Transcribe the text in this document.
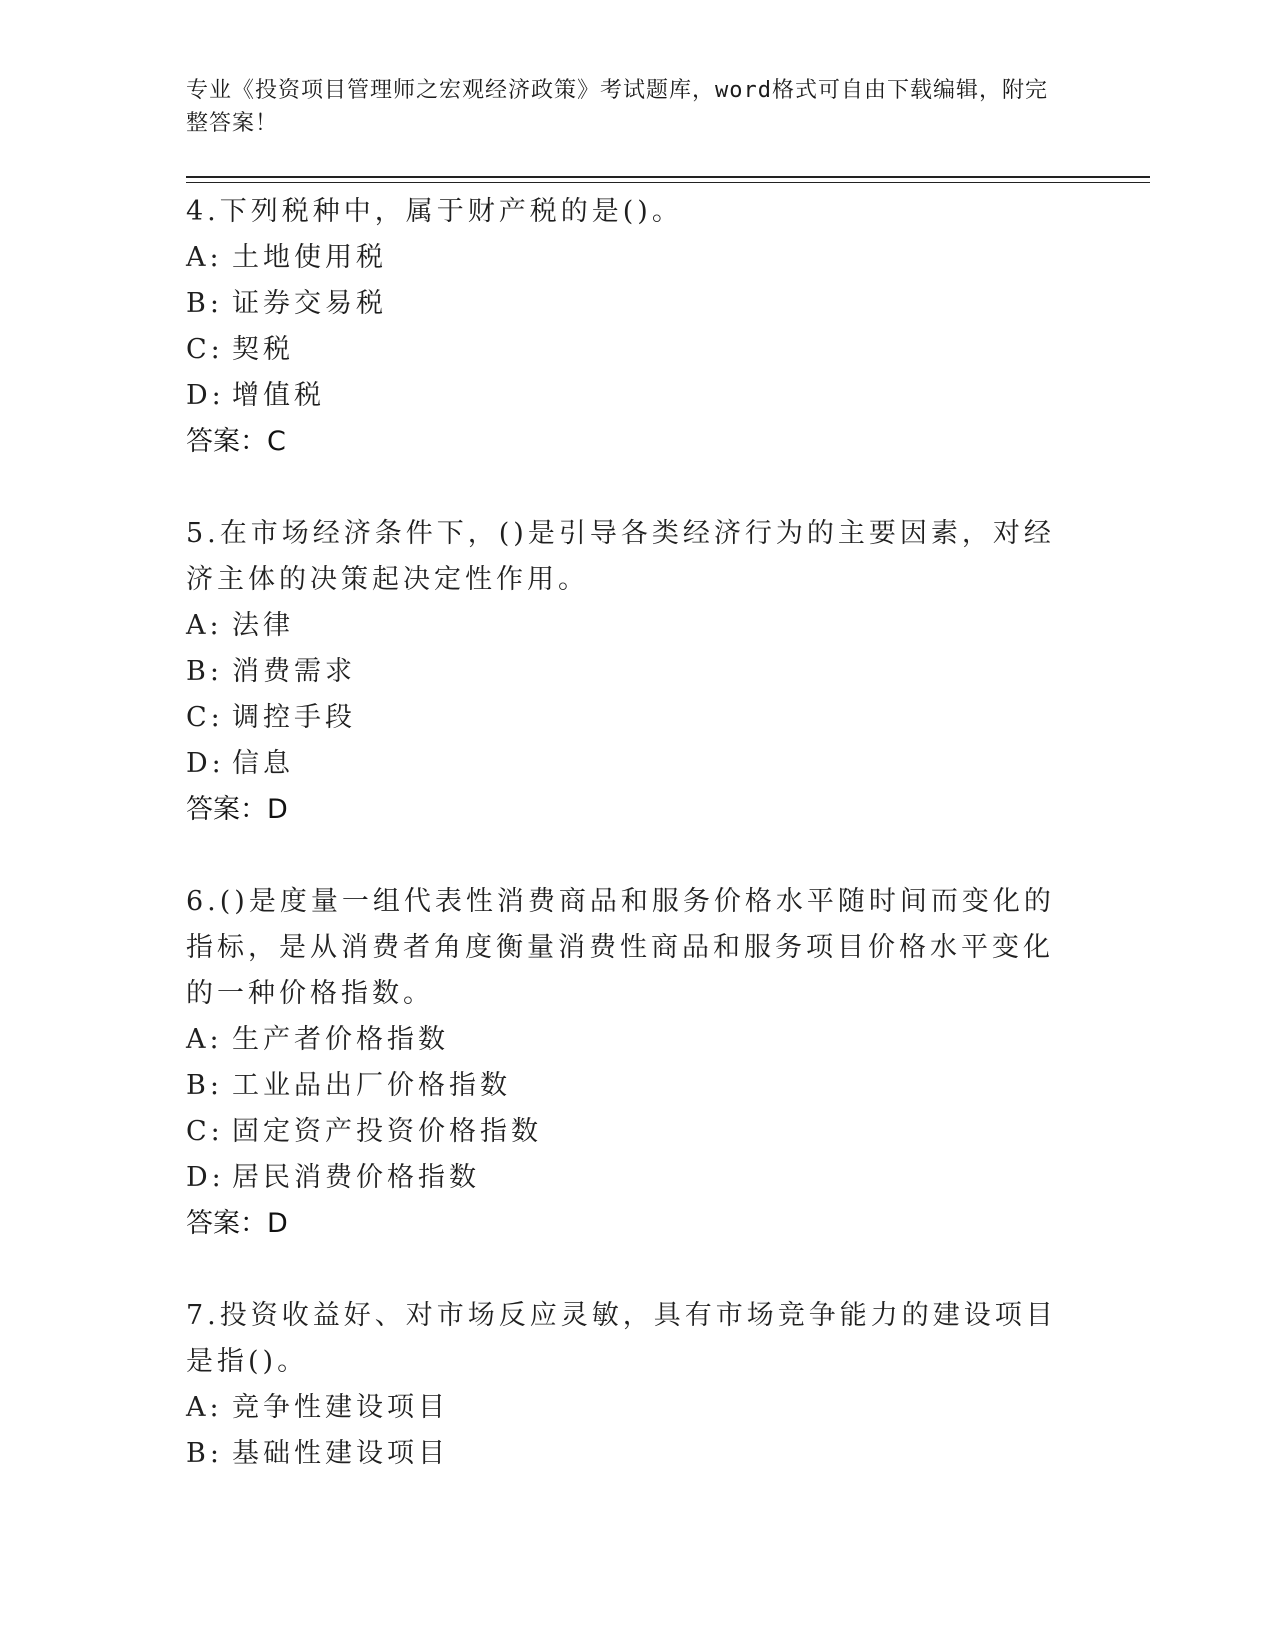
专业《投资项目管理师之宏观经济政策》考试题库，word格式可自由下载编辑，附完整答案！
4.下列税种中，属于财产税的是()。
A: 土地使用税
B: 证券交易税
C: 契税
D: 增值税
答案：C
5.在市场经济条件下，()是引导各类经济行为的主要因素，对经济主体的决策起决定性作用。
A: 法律
B: 消费需求
C: 调控手段
D: 信息
答案：D
6.()是度量一组代表性消费商品和服务价格水平随时间而变化的指标，是从消费者角度衡量消费性商品和服务项目价格水平变化的一种价格指数。
A: 生产者价格指数
B: 工业品出厂价格指数
C: 固定资产投资价格指数
D: 居民消费价格指数
答案：D
7.投资收益好、对市场反应灵敏，具有市场竞争能力的建设项目是指()。
A: 竞争性建设项目
B: 基础性建设项目
